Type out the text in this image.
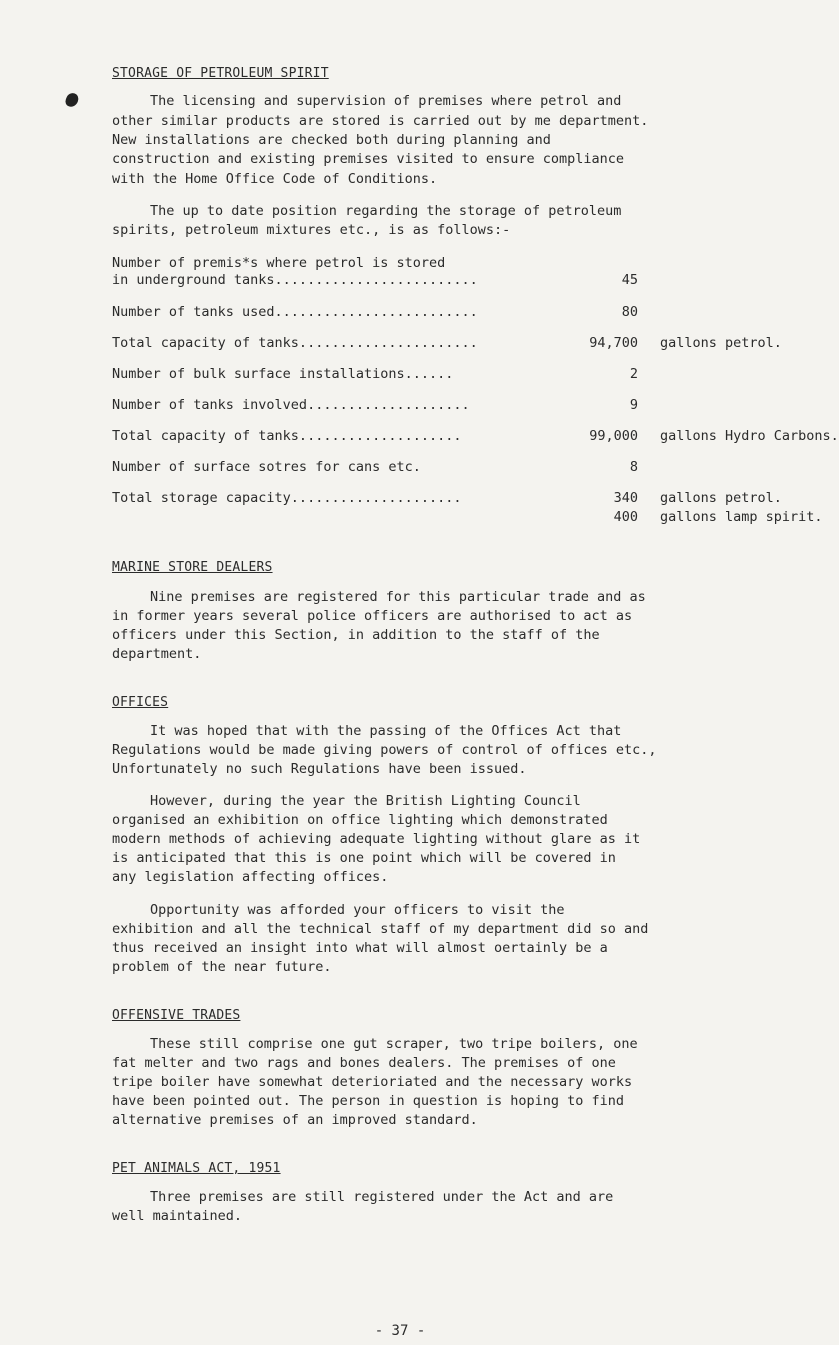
STORAGE OF PETROLEUM SPIRIT
The licensing and supervision of premises where petrol and
other similar products are stored is carried out by me department.
New installations are checked both during planning and
construction and existing premises visited to ensure compliance
with the Home Office Code of Conditions.
The up to date position regarding the storage of petroleum
spirits, petroleum mixtures etc., is as follows:-
Number of premis*s where petrol is stored
in underground tanks.........................	45
Number of tanks used.........................	80
Total capacity of tanks......................	94,700 gallons petrol.
Number of bulk surface installations......	2
Number of tanks involved....................	9
Total capacity of tanks....................	99,000 gallons Hydro Carbons.
Number of surface sotres for cans etc.	8
Total storage capacity.....................	340 gallons petrol.
400 gallons lamp spirit.
MARINE STORE DEALERS
Nine premises are registered for this particular trade and as
in former years several police officers are authorised to act as
officers under this Section, in addition to the staff of the
department.
OFFICES
It was hoped that with the passing of the Offices Act that
Regulations would be made giving powers of control of offices etc.,
Unfortunately no such Regulations have been issued.
However, during the year the British Lighting Council
organised an exhibition on office lighting which demonstrated
modern methods of achieving adequate lighting without glare as it
is anticipated that this is one point which will be covered in
any legislation affecting offices.
Opportunity was afforded your officers to visit the
exhibition and all the technical staff of my department did so and
thus received an insight into what will almost oertainly be a
problem of the near future.
OFFENSIVE TRADES
These still comprise one gut scraper, two tripe boilers, one
fat melter and two rags and bones dealers. The premises of one
tripe boiler have somewhat deterioriated and the necessary works
have been pointed out. The person in question is hoping to find
alternative premises of an improved standard.
PET ANIMALS ACT, 1951
Three premises are still registered under the Act and are
well maintained.
- 37 -
